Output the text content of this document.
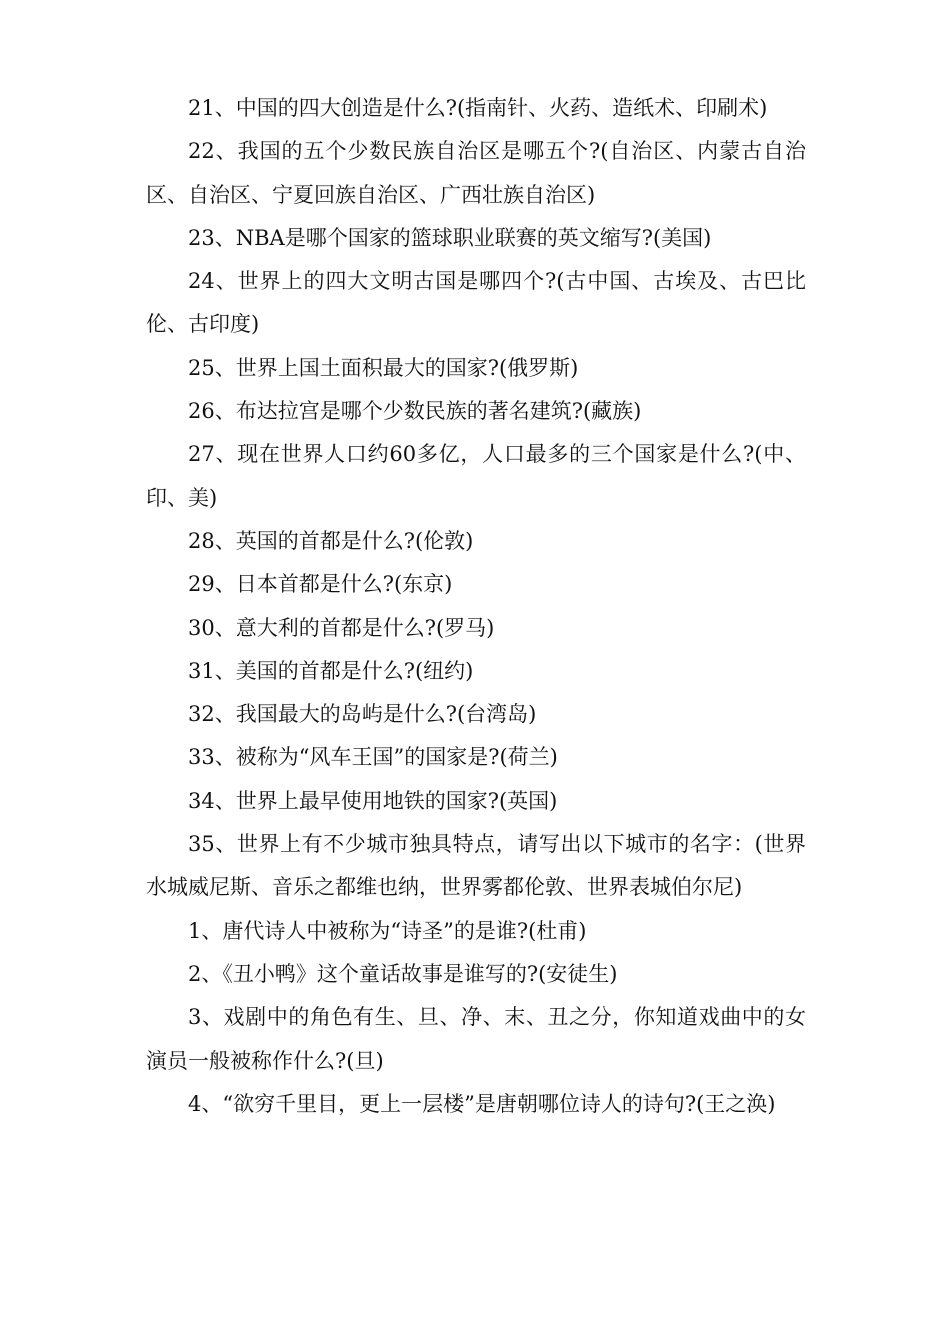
21、中国的四大创造是什么?(指南针、火药、造纸术、印刷术)

22、我国的五个少数民族自治区是哪五个?(自治区、内蒙古自治区、自治区、宁夏回族自治区、广西壮族自治区)

23、NBA是哪个国家的篮球职业联赛的英文缩写?(美国)

24、世界上的四大文明古国是哪四个?(古中国、古埃及、古巴比伦、古印度)

25、世界上国土面积最大的国家?(俄罗斯)

26、布达拉宫是哪个少数民族的著名建筑?(藏族)

27、现在世界人口约60多亿，人口最多的三个国家是什么?(中、印、美)

28、英国的首都是什么?(伦敦)

29、日本首都是什么?(东京)

30、意大利的首都是什么?(罗马)

31、美国的首都是什么?(纽约)

32、我国最大的岛屿是什么?(台湾岛)

33、被称为“风车王国”的国家是?(荷兰)

34、世界上最早使用地铁的国家?(英国)

35、世界上有不少城市独具特点，请写出以下城市的名字：(世界水城威尼斯、音乐之都维也纳，世界雾都伦敦、世界表城伯尔尼)

1、唐代诗人中被称为“诗圣”的是谁?(杜甫)

2、《丑小鸭》这个童话故事是谁写的?(安徒生)

3、戏剧中的角色有生、旦、净、末、丑之分，你知道戏曲中的女演员一般被称作什么?(旦)

4、“欲穷千里目，更上一层楼”是唐朝哪位诗人的诗句?(王之涣)
